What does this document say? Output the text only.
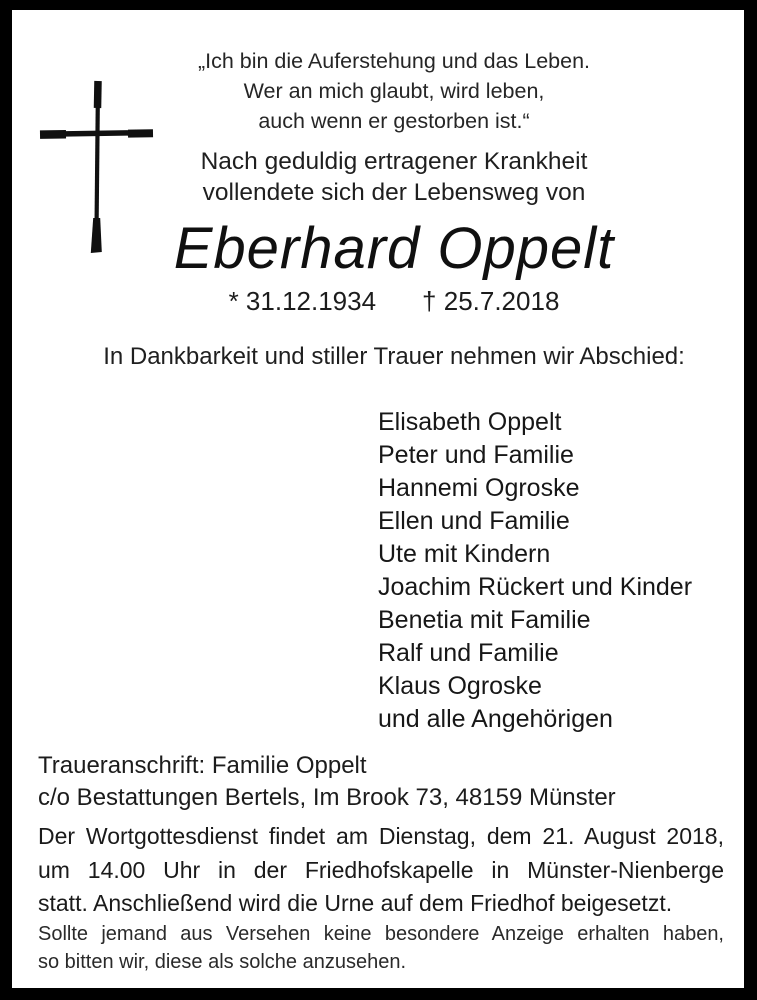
„Ich bin die Auferstehung und das Leben.
Wer an mich glaubt, wird leben,
auch wenn er gestorben ist.“
Nach geduldig ertragener Krankheit
vollendete sich der Lebensweg von
Eberhard Oppelt
* 31.12.1934 † 25.7.2018
In Dankbarkeit und stiller Trauer nehmen wir Abschied:
Elisabeth Oppelt
Peter und Familie
Hannemi Ogroske
Ellen und Familie
Ute mit Kindern
Joachim Rückert und Kinder
Benetia mit Familie
Ralf und Familie
Klaus Ogroske
und alle Angehörigen
Traueranschrift: Familie Oppelt
c/o Bestattungen Bertels, Im Brook 73, 48159 Münster
Der Wortgottesdienst findet am Dienstag, dem 21. August 2018,
um 14.00 Uhr in der Friedhofskapelle in Münster-Nienberge
statt. Anschließend wird die Urne auf dem Friedhof beigesetzt.
Sollte jemand aus Versehen keine besondere Anzeige erhalten haben,
so bitten wir, diese als solche anzusehen.
